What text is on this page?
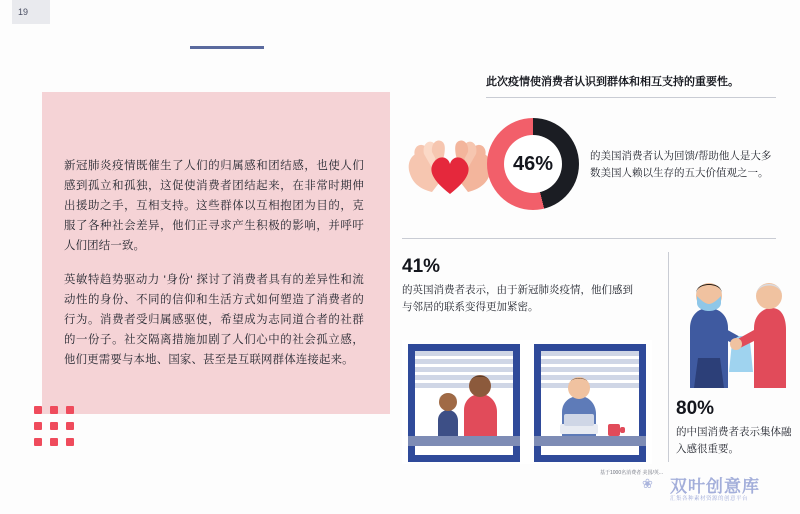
19

新冠肺炎疫情既催生了人们的归属感和团结感，也使人们感到孤立和孤独，这促使消费者团结起来，在非常时期伸出援助之手，互相支持。这些群体以互相抱团为目的，克服了各种社会差异，他们正寻求产生积极的影响，并呼吁人们团结一致。

英敏特趋势驱动力 '身份' 探讨了消费者具有的差异性和流动性的身份、不同的信仰和生活方式如何塑造了消费者的行为。消费者受归属感驱使，希望成为志同道合者的社群的一份子。社交隔离措施加剧了人们心中的社会孤立感，他们更需要与本地、国家、甚至是互联网群体连接起来。

此次疫情使消费者认识到群体和相互支持的重要性。
46%	的美国消费者认为回馈/帮助他人是大多数美国人赖以生存的五大价值观之一。
41%
的英国消费者表示，由于新冠肺炎疫情，他们感到与邻居的联系变得更加紧密。
80%
的中国消费者表示集体融入感很重要。
基于1000名消费者 美国/英...
❀ 双叶创意库
汇集各种素材资源的创意平台
